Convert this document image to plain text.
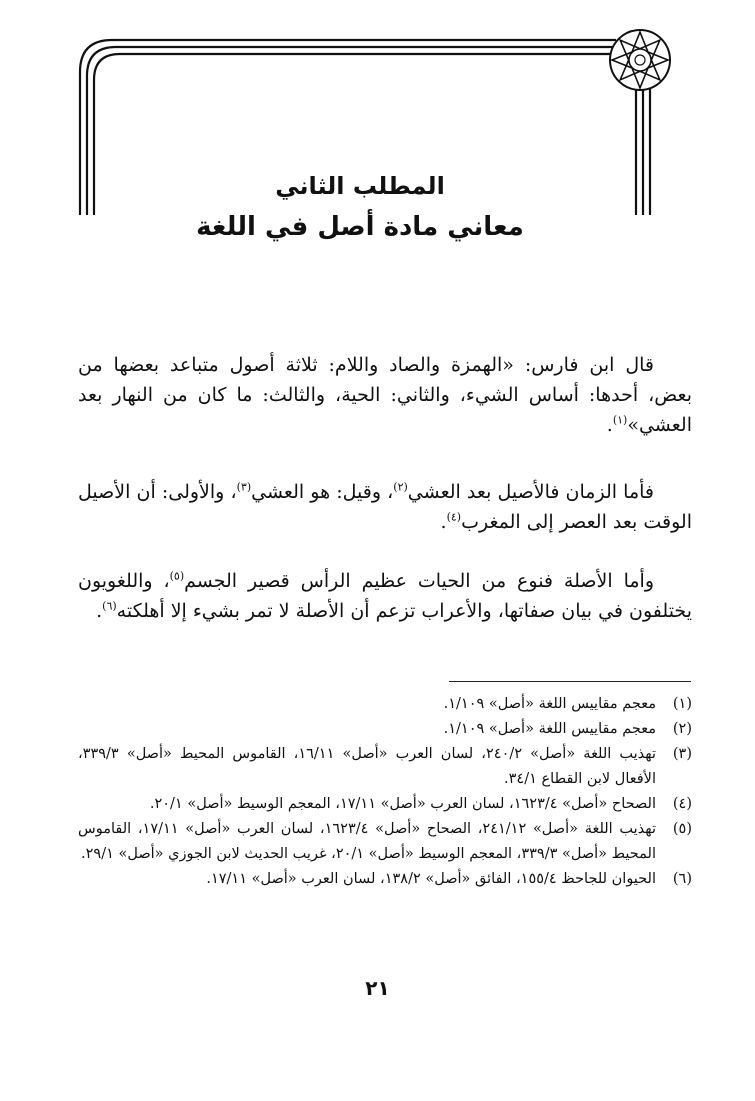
المطلب الثاني
معاني مادة أصل في اللغة

قال ابن فارس: «الهمزة والصاد واللام: ثلاثة أصول متباعد بعضها من بعض، أحدها: أساس الشيء، والثاني: الحية، والثالث: ما كان من النهار بعد العشي»$^{(١)}$.

فأما الزمان فالأصيل بعد العشي$^{(٢)}$، وقيل: هو العشي$^{(٣)}$، والأولى: أن الأصيل الوقت بعد العصر إلى المغرب$^{(٤)}$.

وأما الأصلة فنوع من الحيات عظيم الرأس قصير الجسم$^{(٥)}$، واللغويون يختلفون في بيان صفاتها، والأعراب تزعم أن الأصلة لا تمر بشيء إلا أهلكته$^{(٦)}$.

(١)
معجم مقاييس اللغة «أصل» ١/١٠٩.
(٢)
معجم مقاييس اللغة «أصل» ١/١٠٩.
(٣)
تهذيب اللغة «أصل» ٢٤٠/٢، لسان العرب «أصل» ١٦/١١، القاموس المحيط «أصل» ٣٣٩/٣، الأفعال لابن القطاع ٣٤/١.
(٤)
الصحاح «أصل» ١٦٢٣/٤، لسان العرب «أصل» ١٧/١١، المعجم الوسيط «أصل» ٢٠/١.
(٥)
تهذيب اللغة «أصل» ٢٤١/١٢، الصحاح «أصل» ١٦٢٣/٤، لسان العرب «أصل» ١٧/١١، القاموس المحيط «أصل» ٣٣٩/٣، المعجم الوسيط «أصل» ٢٠/١، غريب الحديث لابن الجوزي «أصل» ٢٩/١.
(٦)
الحيوان للجاحظ ١٥٥/٤، الفائق «أصل» ١٣٨/٢، لسان العرب «أصل» ١٧/١١.
٢١
